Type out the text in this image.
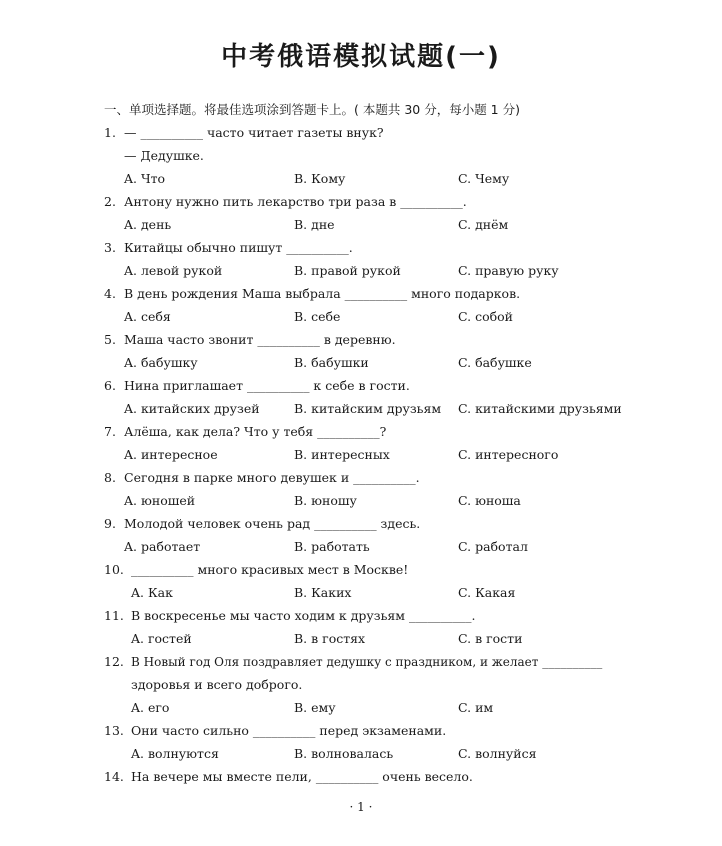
中考俄语模拟试题(一)
一、单项选择题。将最佳选项涂到答题卡上。( 本题共 30 分，每小题 1 分)
1. — __________ часто читает газеты внук?
— Дедушке.
A. Что	B. Кому	C. Чему
2. Антону нужно пить лекарство три раза в __________.
A. день	B. дне	C. днём
3. Китайцы обычно пишут __________.
A. левой рукой	B. правой рукой	C. правую руку
4. В день рождения Маша выбрала __________ много подарков.
A. себя	B. себе	C. собой
5. Маша часто звонит __________ в деревню.
A. бабушку	B. бабушки	C. бабушке
6. Нина приглашает __________ к себе в гости.
A. китайских друзей	B. китайским друзьям C. китайскими друзьями
7. Алёша, как дела? Что у тебя __________?
A. интересное	B. интересных	C. интересного
8. Сегодня в парке много девушек и __________.
A. юношей	B. юношу	C. юноша
9. Молодой человек очень рад __________ здесь.
A. работает	B. работать	C. работал
10. __________ много красивых мест в Москве!
A. Как	B. Каких	C. Какая
11. В воскресенье мы часто ходим к друзьям __________.
A. гостей	B. в гостях	C. в гости
12. В Новый год Оля поздравляет дедушку с праздником, и желает __________
здоровья и всего доброго.
A. его	B. ему	C. им
13. Они часто сильно __________ перед экзаменами.
A. волнуются	B. волновалась	C. волнуйся
14. На вечере мы вместе пели, __________ очень весело.
· 1 ·
